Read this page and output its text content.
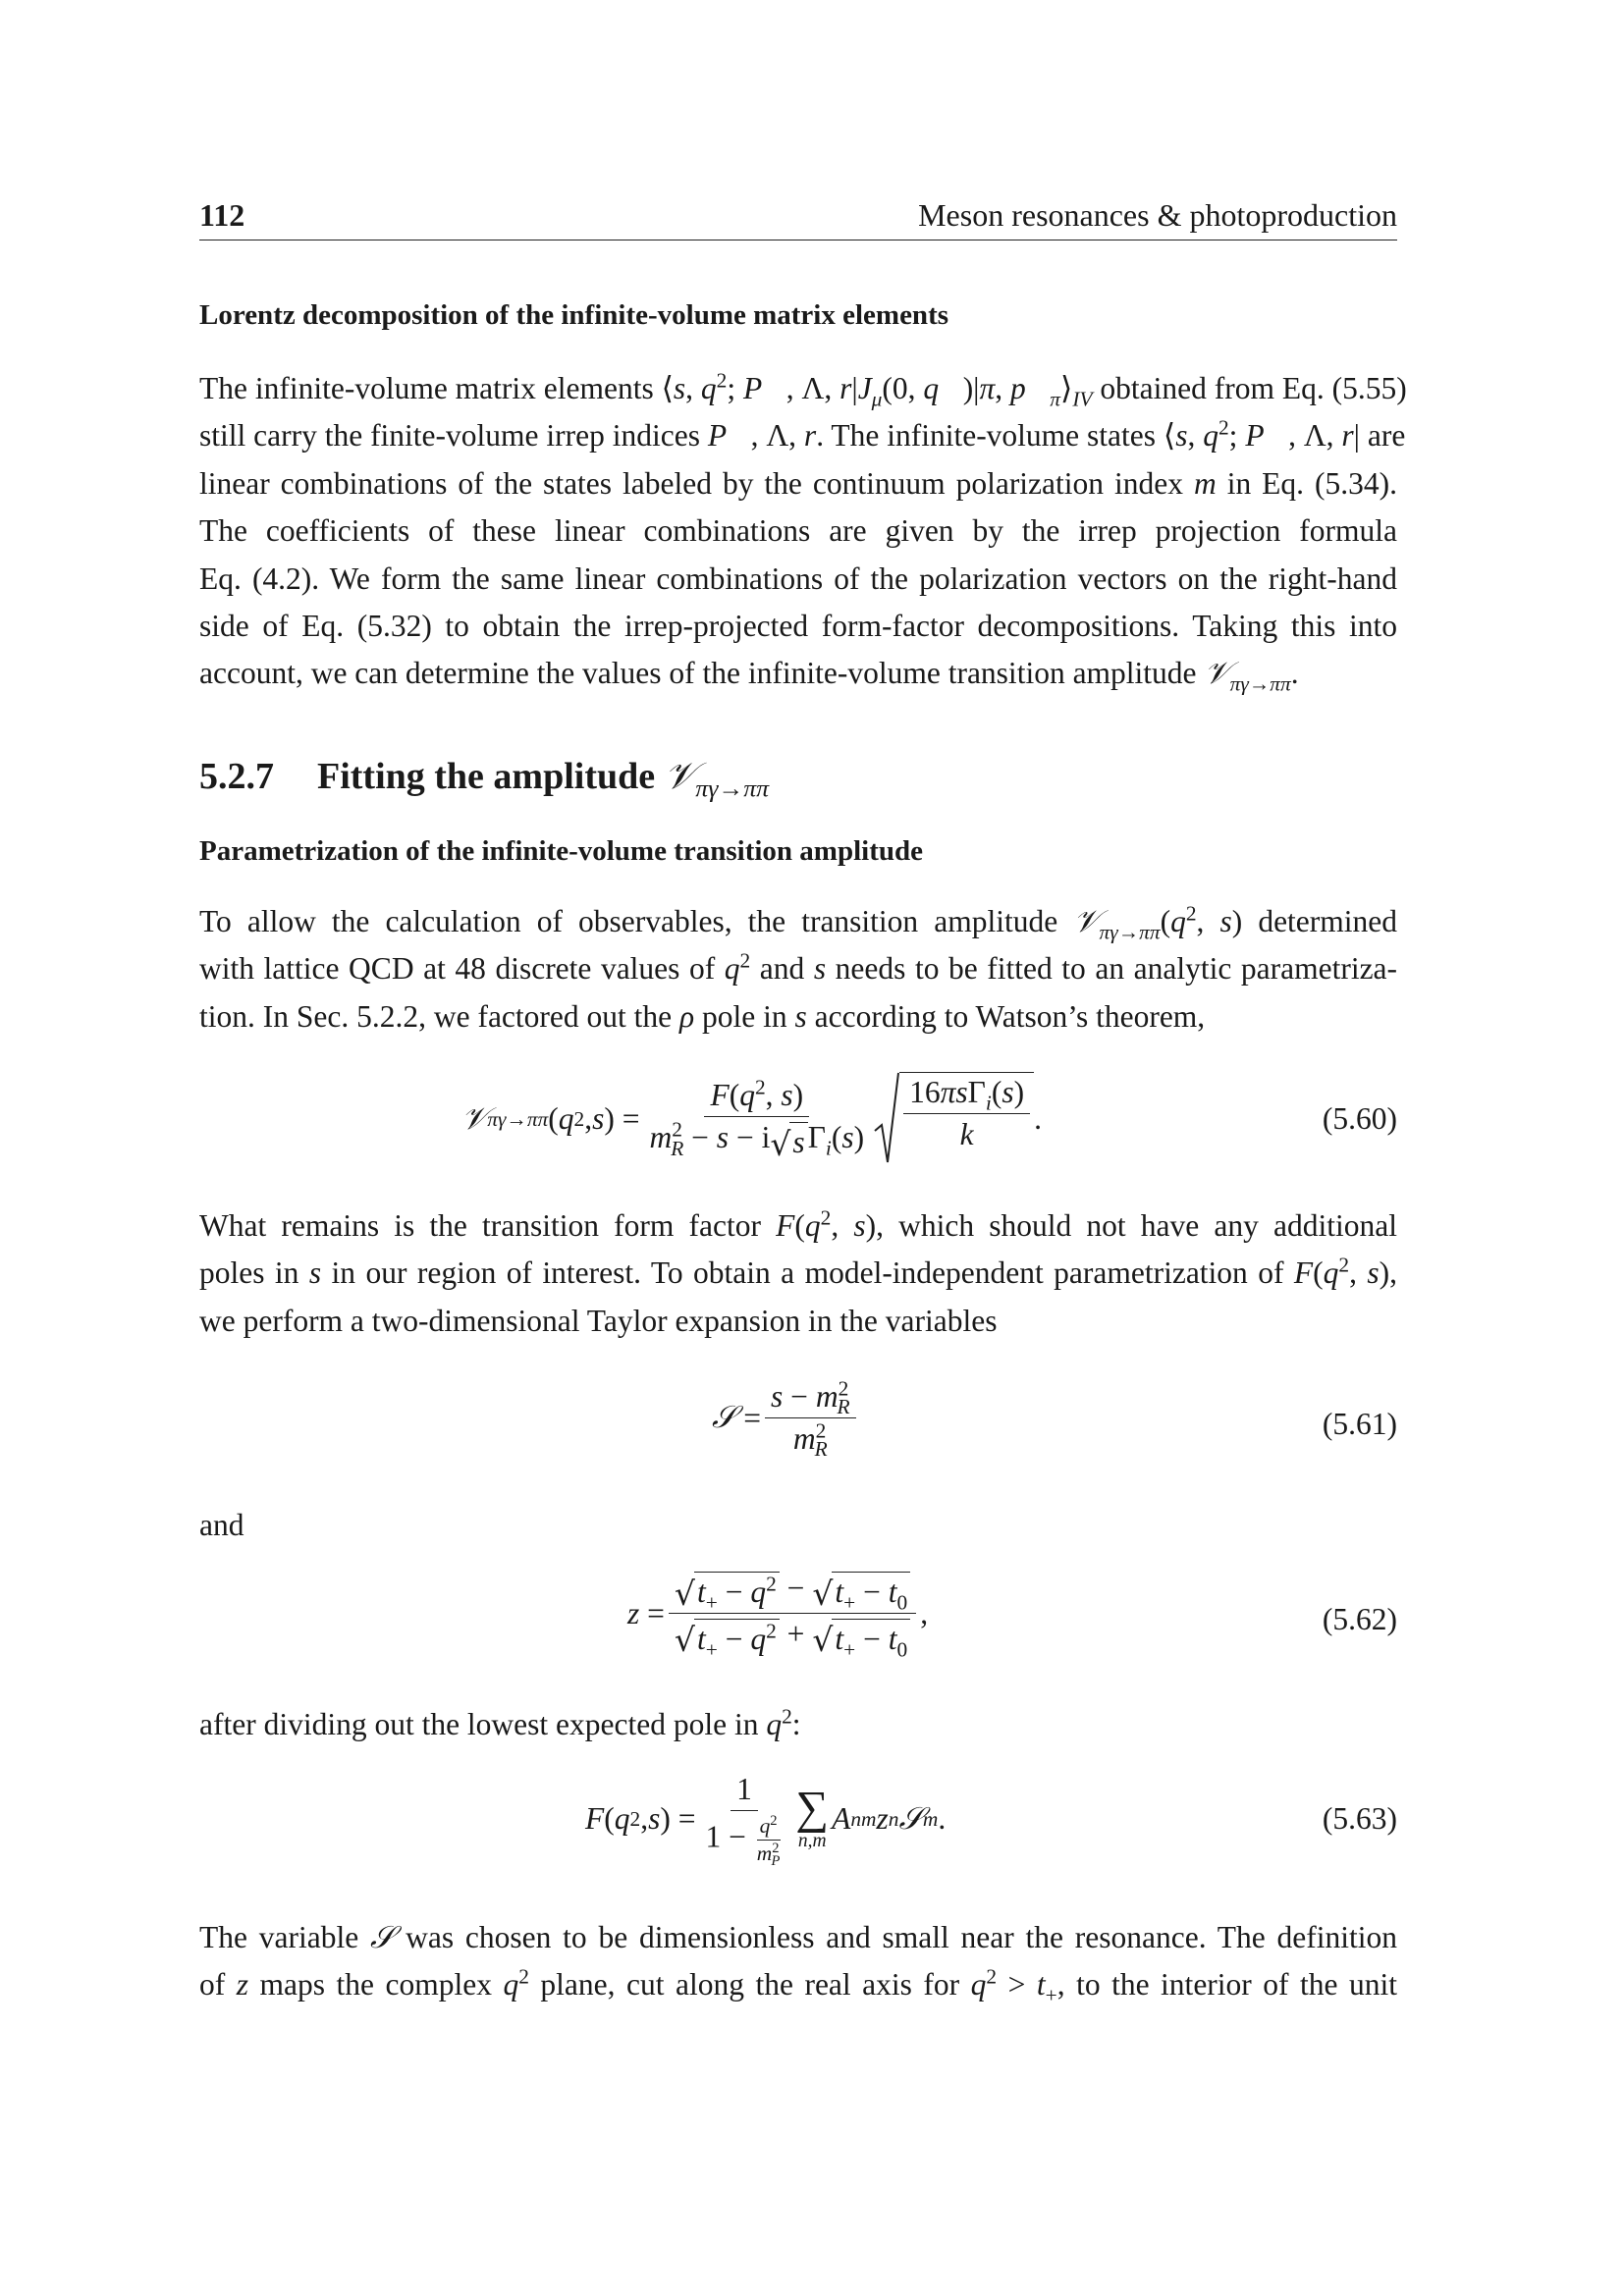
112	Meson resonances & photoproduction
Lorentz decomposition of the infinite-volume matrix elements
The infinite-volume matrix elements ⟨s, $q^2$; P⃗, Λ, $r|J_\mu(0$, q⃗)|π, $p⃗_\pi⟩_{IV}$ obtained from Eq. (5.55)
still carry the finite-volume irrep indices P⃗, Λ, r. The infinite-volume states ⟨s, $q^2$; P⃗, Λ, r| are
linear combinations of the states labeled by the continuum polarization index m in Eq. (5.34).
The coefficients of these linear combinations are given by the irrep projection formula
Eq. (4.2). We form the same linear combinations of the polarization vectors on the right-hand
side of Eq. (5.32) to obtain the irrep-projected form-factor decompositions. Taking this into
account, we can determine the values of the infinite-volume transition amplitude 𝒱$_{\pi\gamma\to\pi\pi}$.
5.2.7 Fitting the amplitude 𝒱$_{\pi\gamma\to\pi\pi}$
Parametrization of the infinite-volume transition amplitude
To allow the calculation of observables, the transition amplitude $𝒱_{\pi\gamma\to\pi\pi}(q^2$, s) determined
with lattice QCD at 48 discrete values of $q^2$ and s needs to be fitted to an analytic parametriza-
tion. In Sec. 5.2.2, we factored out the ρ pole in s according to Watson’s theorem,
𝒱 πγ→ππ ( q 2 , s ) = $\frac{F(q^2, s)}{m^2_R - s - i √ s \Gamma_i(s)} \frac{16\pi s\Gamma_i(s)}{k}$ .	(5.60)
What remains is the transition form factor $F(q^2$, s), which should not have any additional
poles in s in our region of interest. To obtain a model-independent parametrization of $F(q^2$, s),
we perform a two-dimensional Taylor expansion in the variables
𝒮 = $\frac{s - m^2_R}{m^2_R}$	(5.61)
and
$z = \frac{√ t_+ - q^2 - √ t_+ - t_0}{√ t_+ - q^2 + √ t_+ - t_0}$ ,	(5.62)
after dividing out the lowest expected pole in $q^2$:
F ( q 2 , s ) = $\frac{1}{1 - \frac{q^2}{m^2_P}}$ ∑
n,m
A nm z n 𝒮 m .	(5.63)
The variable 𝒮 was chosen to be dimensionless and small near the resonance. The definition
of z maps the complex $q^2$ plane, cut along the real axis for $q^2 > t_+$, to the interior of the unit
